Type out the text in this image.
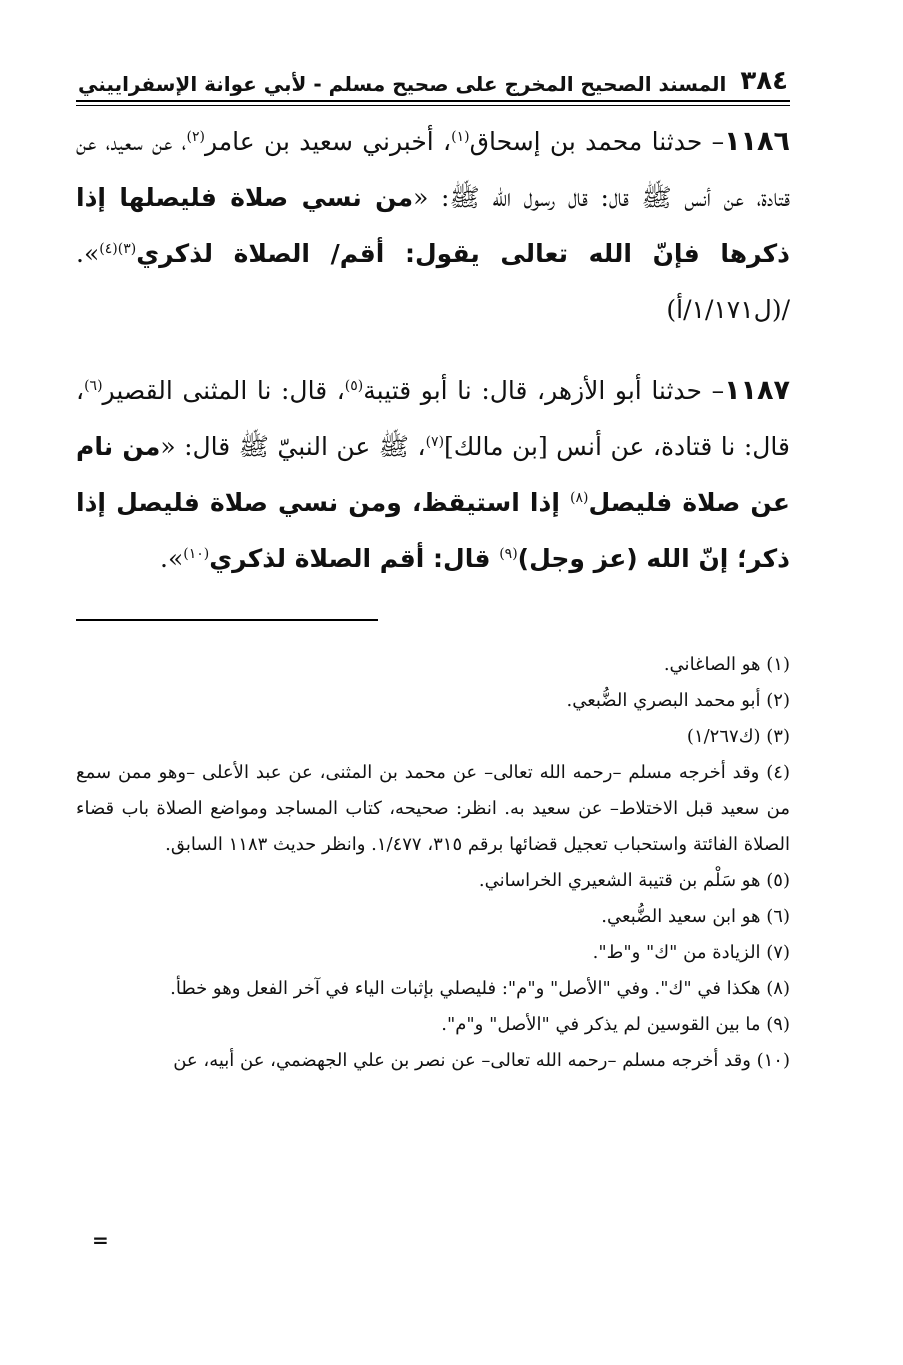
٣٨٤
المسند الصحيح المخرج على صحيح مسلم - لأبي عوانة الإسفراييني

١١٨٦– حدثنا محمد بن إسحاق$^{(١)}$، أخبرني سعيد بن عامر$^{(٢)}$، عن سعيد، عن قتادة، عن أنس ﷺ قال: قال رسول الله ﷺ: «من نسي صلاة فليصلها إذا ذكرها فإنّ الله تعالى يقول: أقم/ الصلاة لذكري$^{(٣)(٤)}$». /(ل١/١٧١/أ)

١١٨٧– حدثنا أبو الأزهر، قال: نا أبو قتيبة$^{(٥)}$، قال: نا المثنى القصير$^{(٦)}$، قال: نا قتادة، عن أنس [بن مالك]$^{(٧)}$، ﷺ عن النبيّ ﷺ قال: «من نام عن صلاة فليصل$^{(٨)}$ إذا استيقظ، ومن نسي صلاة فليصل إذا ذكر؛ إنّ الله (عز وجل)$^{(٩)}$ قال: أقم الصلاة لذكري$^{(١٠)}$».

(١) هو الصاغاني.
(٢) أبو محمد البصري الضُّبعي.
(٣) (ك١/٢٦٧)
(٤) وقد أخرجه مسلم –رحمه الله تعالى– عن محمد بن المثنى، عن عبد الأعلى –وهو ممن سمع من سعيد قبل الاختلاط– عن سعيد به. انظر: صحيحه، كتاب المساجد ومواضع الصلاة باب قضاء الصلاة الفائتة واستحباب تعجيل قضائها برقم ٣١٥، ١/٤٧٧. وانظر حديث ١١٨٣ السابق.
(٥) هو سَلْم بن قتيبة الشعيري الخراساني.
(٦) هو ابن سعيد الضُّبعي.
(٧) الزيادة من "ك" و"ط".
(٨) هكذا في "ك". وفي "الأصل" و"م": فليصلي بإثبات الياء في آخر الفعل وهو خطأ.
(٩) ما بين القوسين لم يذكر في "الأصل" و"م".
(١٠) وقد أخرجه مسلم –رحمه الله تعالى– عن نصر بن علي الجهضمي، عن أبيه، عن
=
